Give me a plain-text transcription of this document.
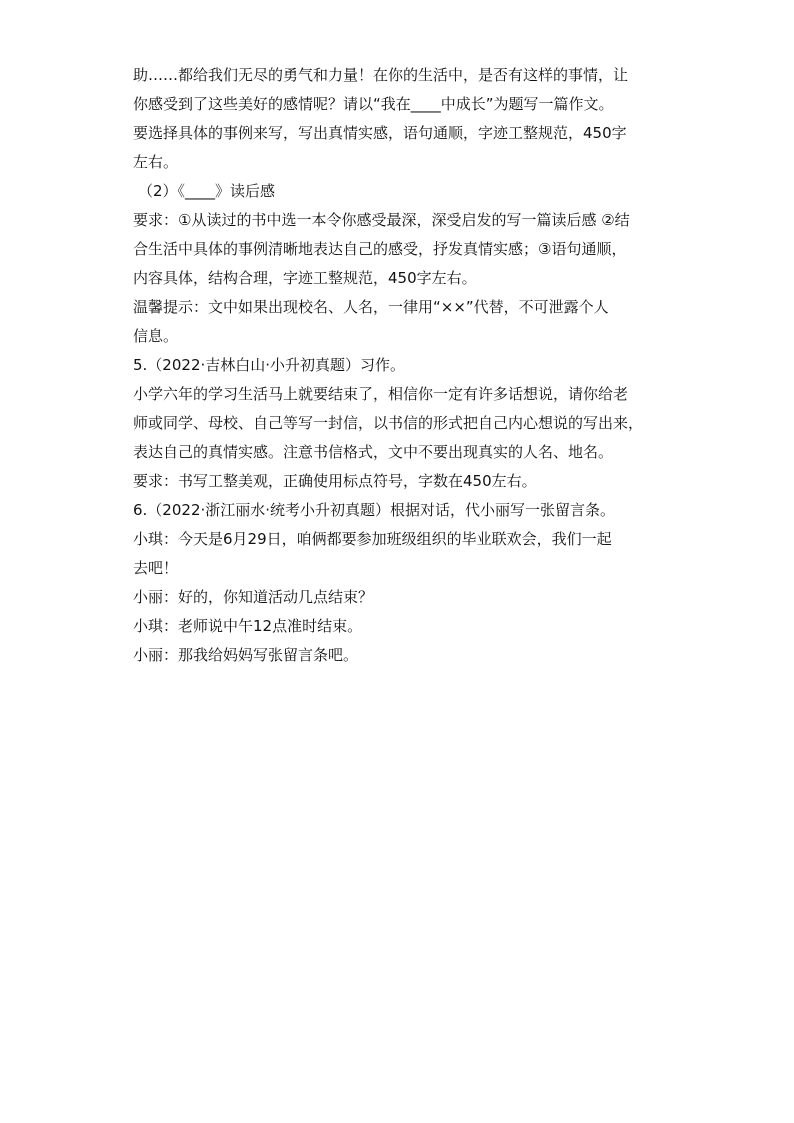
助……都给我们无尽的勇气和力量！在你的生活中，是否有这样的事情，让
你感受到了这些美好的感情呢？请以“我在____中成长”为题写一篇作文。
要选择具体的事例来写，写出真情实感，语句通顺，字迹工整规范，450字
左右。
（2）《____》读后感
要求：①从读过的书中选一本令你感受最深，深受启发的写一篇读后感 ②结
合生活中具体的事例清晰地表达自己的感受，抒发真情实感；③语句通顺，
内容具体，结构合理，字迹工整规范，450字左右。
温馨提示：文中如果出现校名、人名，一律用“××”代替，不可泄露个人
信息。
5.（2022·吉林白山·小升初真题）习作。
小学六年的学习生活马上就要结束了，相信你一定有许多话想说，请你给老
师或同学、母校、自己等写一封信，以书信的形式把自己内心想说的写出来，
表达自己的真情实感。注意书信格式，文中不要出现真实的人名、地名。
要求：书写工整美观，正确使用标点符号，字数在450左右。
6.（2022·浙江丽水·统考小升初真题）根据对话，代小丽写一张留言条。
小琪：今天是6月29日，咱俩都要参加班级组织的毕业联欢会，我们一起
去吧！
小丽：好的，你知道活动几点结束？
小琪：老师说中午12点准时结束。
小丽：那我给妈妈写张留言条吧。
